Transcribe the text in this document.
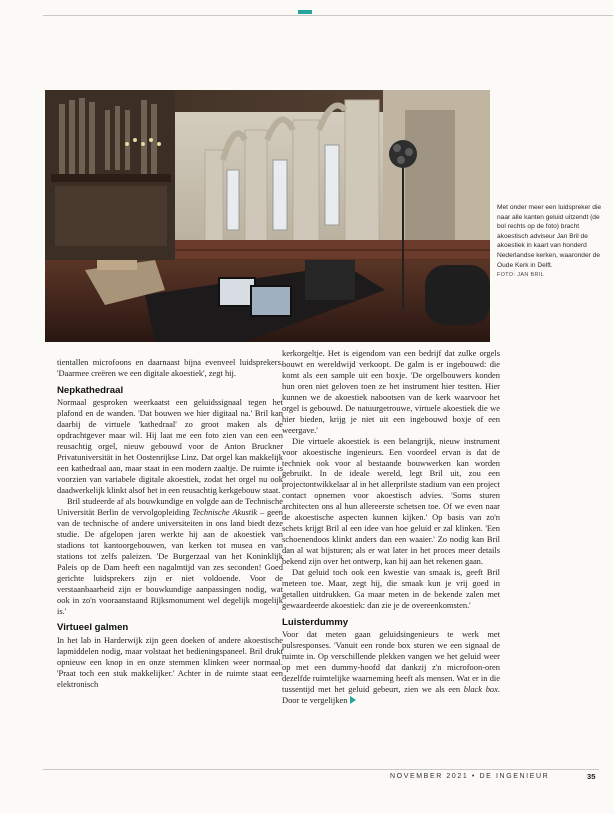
Met onder meer een luidspreker die naar alle kanten geluid uitzendt (de bol rechts op de foto) bracht akoestisch adviseur Jan Bril de akoestiek in kaart van honderd Nederlandse kerken, waaronder de Oude Kerk in Delft.
FOTO: JAN BRIL

tientallen microfoons en daarnaast bijna evenveel luidsprekers. 'Daarmee creëren we een digitale akoestiek', zegt hij.

Nepkathedraal

Normaal gesproken weerkaatst een geluidssignaal tegen het plafond en de wanden. 'Dat bouwen we hier digitaal na.' Bril kan daarbij de virtuele 'kathedraal' zo groot maken als de opdrachtgever maar wil. Hij laat me een foto zien van een een reusachtig orgel, nieuw gebouwd voor de Anton Bruckner Privatuniversität in het Oostenrijkse Linz. Dat orgel kan makkelijk een kathedraal aan, maar staat in een modern zaaltje. De ruimte is voorzien van variabele digitale akoestiek, zodat het orgel nu ook daadwerkelijk klinkt alsof het in een reusachtig kerkgebouw staat.

Bril studeerde af als bouwkundige en volgde aan de Technische Universität Berlin de vervolgopleiding Technische Akustik – geen van de technische of andere universiteiten in ons land biedt deze studie. De afgelopen jaren werkte hij aan de akoestiek van stadions tot kantoorgebouwen, van kerken tot musea en van stations tot zelfs paleizen. 'De Burgerzaal van het Koninklijk Paleis op de Dam heeft een nagalmtijd van zes seconden! Goed gerichte luidsprekers zijn er niet voldoende. Voor de verstaanbaarheid zijn er bouwkundige aanpassingen nodig, wat ook in zo'n vooraanstaand Rijksmonument wel degelijk mogelijk is.'

Virtueel galmen

In het lab in Harderwijk zijn geen doeken of andere akoestische lapmiddelen nodig, maar volstaat het bedieningspaneel. Bril drukt opnieuw een knop in en onze stemmen klinken weer normaal. 'Praat toch een stuk makkelijker.' Achter in de ruimte staat een elektronisch

kerkorgeltje. Het is eigendom van een bedrijf dat zulke orgels bouwt en wereldwijd verkoopt. De galm is er ingebouwd: die komt als een sample uit een boxje. 'De orgelbouwers konden hun oren niet geloven toen ze het instrument hier testten. Hier kunnen we de akoestiek nabootsen van de kerk waarvoor het orgel is gebouwd. De natuurgetrouwe, virtuele akoestiek die we hier bieden, krijg je niet uit een ingebouwd boxje of een weergave.'

Die virtuele akoestiek is een belangrijk, nieuw instrument voor akoestische ingenieurs. Een voordeel ervan is dat de techniek ook voor al bestaande bouwwerken kan worden gebruikt. In de ideale wereld, legt Bril uit, zou een projectontwikkelaar al in het allerprilste stadium van een project contact opnemen voor akoestisch advies. 'Soms sturen architecten ons al hun allereerste schetsen toe. Of we even naar de akoestische aspecten kunnen kijken.' Op basis van zo'n schets krijgt Bril al een idee van hoe geluid er zal klinken. 'Een schoenendoos klinkt anders dan een waaier.' Zo nodig kan Bril dan al wat bijsturen; als er wat later in het proces meer details bekend zijn over het ontwerp, kan hij aan het rekenen gaan.

Dat geluid toch ook een kwestie van smaak is, geeft Bril meteen toe. Maar, zegt hij, die smaak kun je vrij goed in getallen uitdrukken. Ga maar meten in de bekende zalen met gewaardeerde akoestiek: dan zie je de overeenkomsten.'

Luisterdummy

Voor dat meten gaan geluidsingenieurs te werk met pulsresponses. 'Vanuit een ronde box sturen we een signaal de ruimte in. Op verschillende plekken vangen we het geluid weer op met een dummy-hoofd dat dankzij z'n microfoon-oren dezelfde ruimtelijke waarneming heeft als mensen. Wat er in die tussentijd met het geluid gebeurt, zien we als een black box. Door te vergelijken

NOVEMBER 2021 • DE INGENIEUR	35
